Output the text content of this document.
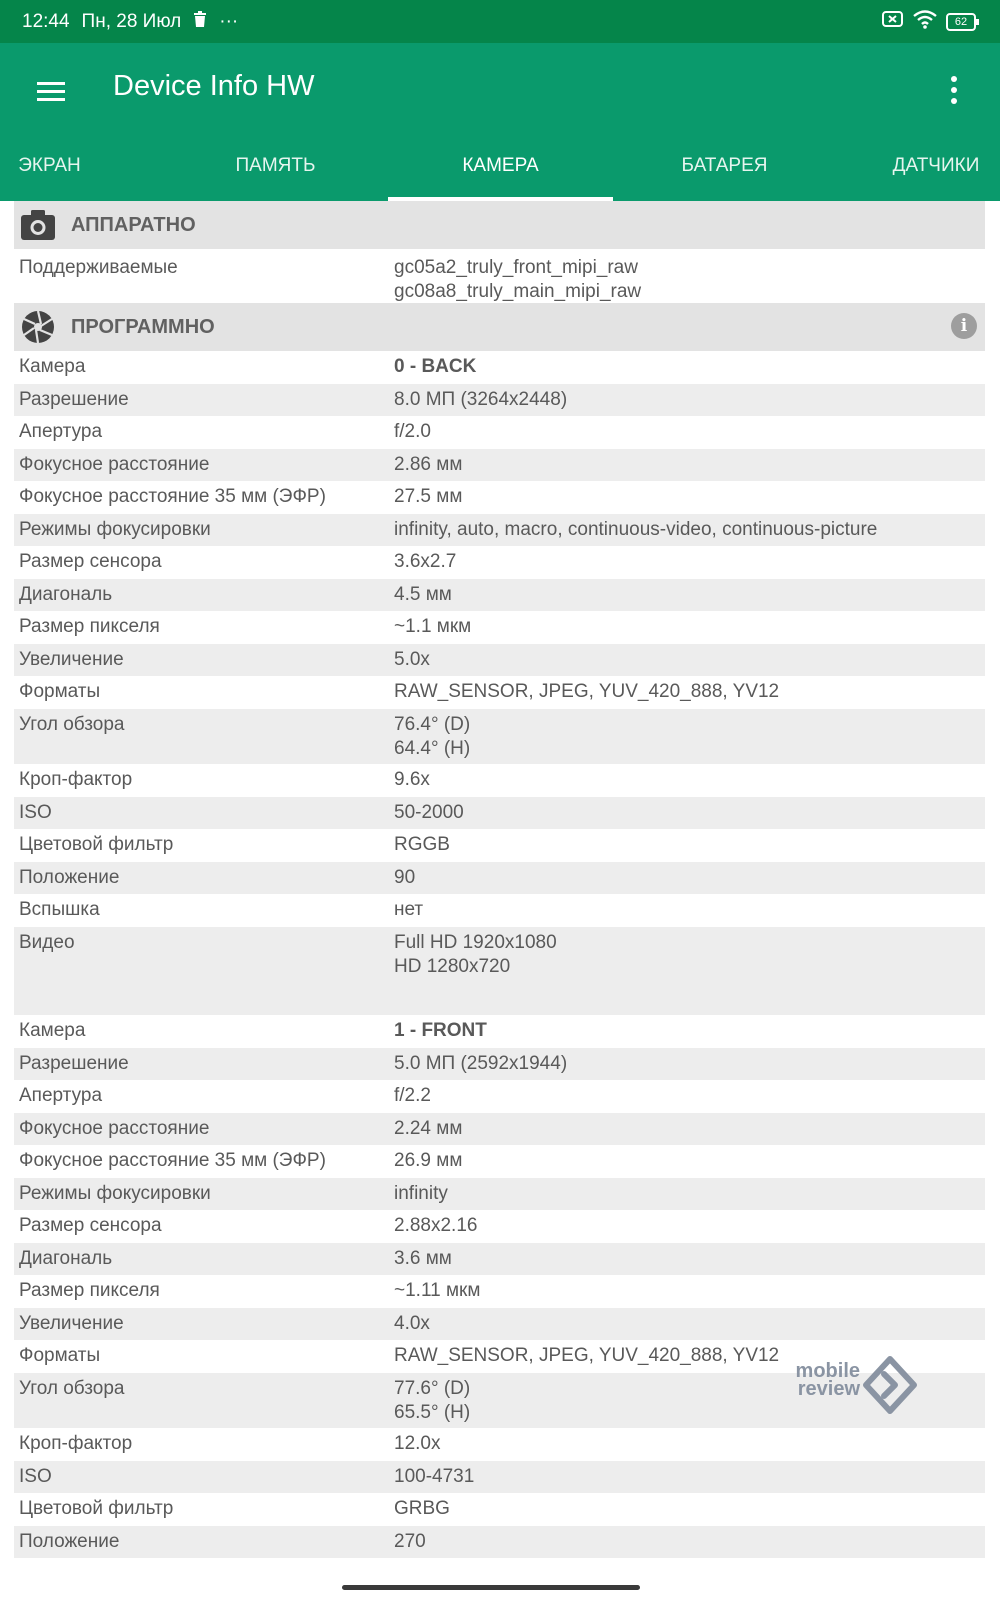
12:44 Пн, 28 Июл ···	62
Device Info HW
ЭКРАН	ПАМЯТЬ	КАМЕРА	БАТАРЕЯ	ДАТЧИКИ
АППАРАТНО
Поддерживаемые	gc05a2_truly_front_mipi_raw
gc08a8_truly_main_mipi_raw
ПРОГРАММНО	i
Камера	0 - BACK
Разрешение	8.0 МП (3264x2448)
Апертура	f/2.0
Фокусное расстояние	2.86 мм
Фокусное расстояние 35 мм (ЭФР)	27.5 мм
Режимы фокусировки	infinity, auto, macro, continuous-video, continuous-picture
Размер сенсора	3.6x2.7
Диагональ	4.5 мм
Размер пикселя	~1.1 мкм
Увеличение	5.0x
Форматы	RAW_SENSOR, JPEG, YUV_420_888, YV12
Угол обзора	76.4° (D)
64.4° (H)
Кроп-фактор	9.6x
ISO	50-2000
Цветовой фильтр	RGGB
Положение	90
Вспышка	нет
Видео	Full HD 1920x1080
HD 1280x720
Камера	1 - FRONT
Разрешение	5.0 МП (2592x1944)
Апертура	f/2.2
Фокусное расстояние	2.24 мм
Фокусное расстояние 35 мм (ЭФР)	26.9 мм
Режимы фокусировки	infinity
Размер сенсора	2.88x2.16
Диагональ	3.6 мм
Размер пикселя	~1.11 мкм
Увеличение	4.0x
Форматы	RAW_SENSOR, JPEG, YUV_420_888, YV12
Угол обзора	77.6° (D)
65.5° (H)
Кроп-фактор	12.0x
ISO	100-4731
Цветовой фильтр	GRBG
Положение	270
mobile
review
